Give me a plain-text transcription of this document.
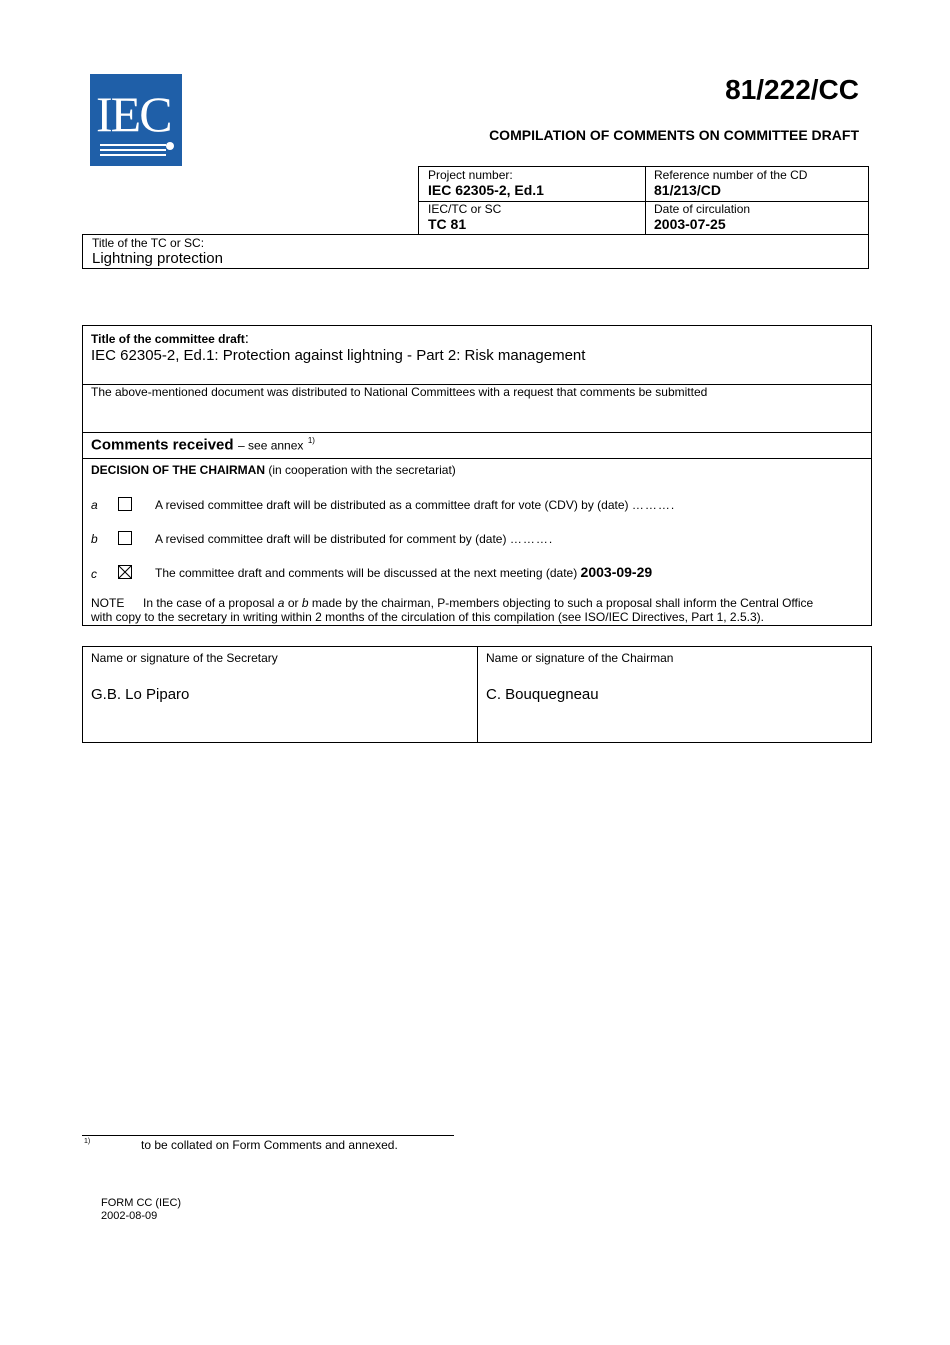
IEC	81/222/CC
COMPILATION OF COMMENTS ON COMMITTEE DRAFT
Project number:
IEC 62305-2, Ed.1
Reference number of the CD
81/213/CD
IEC/TC or SC
TC 81
Date of circulation
2003-07-25
Title of the TC or SC:
Lightning protection
Title of the committee draft:
IEC 62305-2, Ed.1: Protection against lightning - Part 2: Risk management
The above-mentioned document was distributed to National Committees with a request that comments be submitted
Comments received – see annex $^{1)}$
DECISION OF THE CHAIRMAN (in cooperation with the secretariat)
a	A revised committee draft will be distributed as a committee draft for vote (CDV) by (date) ……….
b	A revised committee draft will be distributed for comment by (date) ……….
c	The committee draft and comments will be discussed at the next meeting (date) 2003-09-29
NOTE In the case of a proposal a or b made by the chairman, P-members objecting to such a proposal shall inform the Central Office
with copy to the secretary in writing within 2 months of the circulation of this compilation (see ISO/IEC Directives, Part 1, 2.5.3).
Name or signature of the Secretary
G.B. Lo Piparo
Name or signature of the Chairman
C. Bouquegneau
1)	to be collated on Form Comments and annexed.
FORM CC (IEC)
2002-08-09
